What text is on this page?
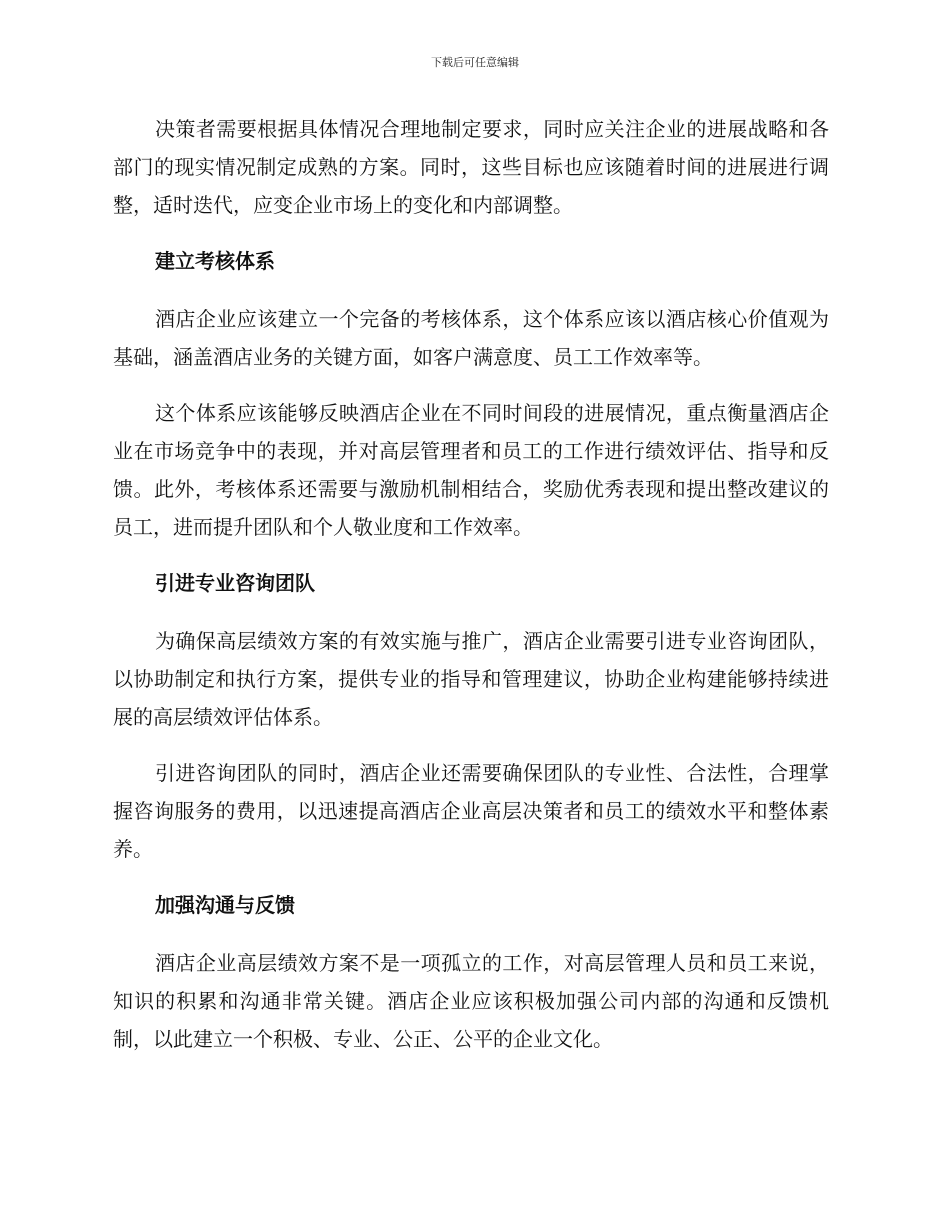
下载后可任意编辑

决策者需要根据具体情况合理地制定要求，同时应关注企业的进展战略和各部门的现实情况制定成熟的方案。同时，这些目标也应该随着时间的进展进行调整，适时迭代，应变企业市场上的变化和内部调整。

建立考核体系

酒店企业应该建立一个完备的考核体系，这个体系应该以酒店核心价值观为基础，涵盖酒店业务的关键方面，如客户满意度、员工工作效率等。

这个体系应该能够反映酒店企业在不同时间段的进展情况，重点衡量酒店企业在市场竞争中的表现，并对高层管理者和员工的工作进行绩效评估、指导和反馈。此外，考核体系还需要与激励机制相结合，奖励优秀表现和提出整改建议的员工，进而提升团队和个人敬业度和工作效率。

引进专业咨询团队

为确保高层绩效方案的有效实施与推广，酒店企业需要引进专业咨询团队，以协助制定和执行方案，提供专业的指导和管理建议，协助企业构建能够持续进展的高层绩效评估体系。

引进咨询团队的同时，酒店企业还需要确保团队的专业性、合法性，合理掌握咨询服务的费用，以迅速提高酒店企业高层决策者和员工的绩效水平和整体素养。

加强沟通与反馈

酒店企业高层绩效方案不是一项孤立的工作，对高层管理人员和员工来说，知识的积累和沟通非常关键。酒店企业应该积极加强公司内部的沟通和反馈机制，以此建立一个积极、专业、公正、公平的企业文化。
